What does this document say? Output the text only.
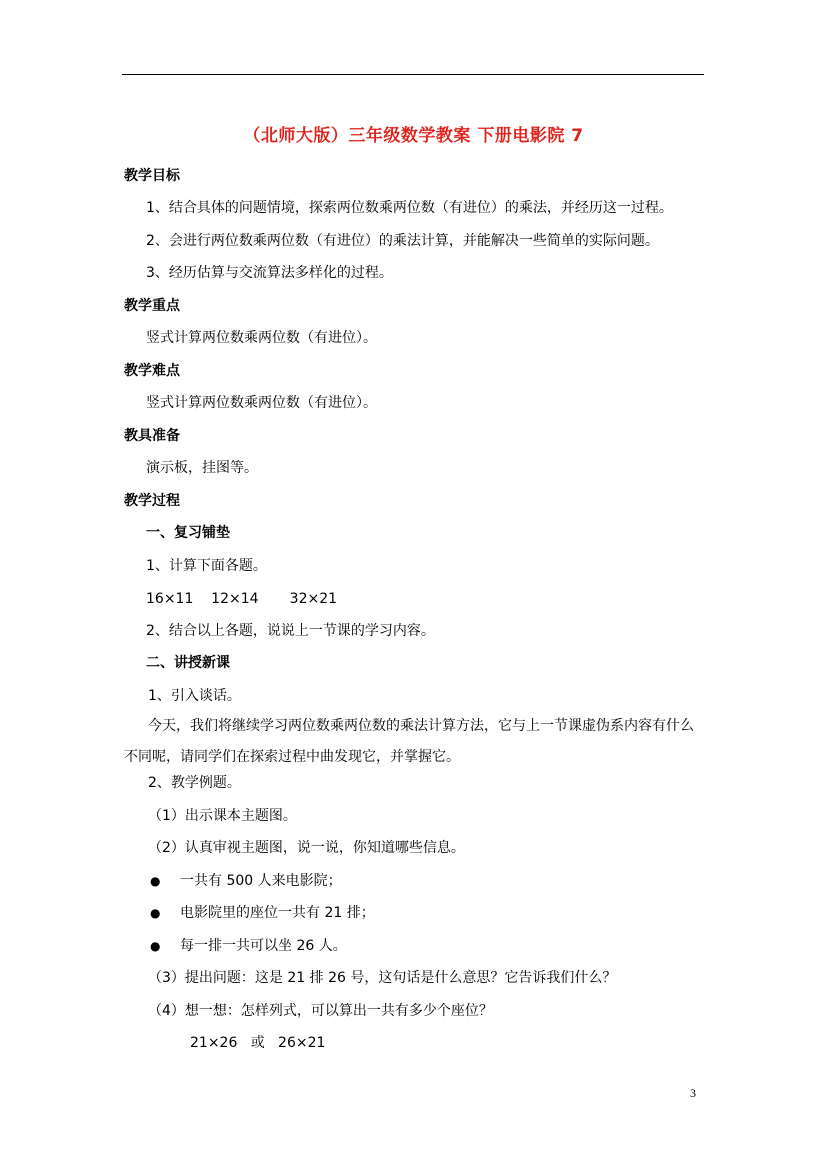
（北师大版）三年级数学教案 下册电影院 7
教学目标
1、结合具体的问题情境，探索两位数乘两位数（有进位）的乘法，并经历这一过程。
2、会进行两位数乘两位数（有进位）的乘法计算，并能解决一些简单的实际问题。
3、经历估算与交流算法多样化的过程。
教学重点
竖式计算两位数乘两位数（有进位）。
教学难点
竖式计算两位数乘两位数（有进位）。
教具准备
演示板，挂图等。
教学过程
一、复习铺垫
1、计算下面各题。
16×11    12×14       32×21
2、结合以上各题，说说上一节课的学习内容。
二、讲授新课
1、引入谈话。
今天，我们将继续学习两位数乘两位数的乘法计算方法，它与上一节课虚伪系内容有什么不同呢，请同学们在探索过程中曲发现它，并掌握它。
2、教学例题。
（1）出示课本主题图。
（2）认真审视主题图，说一说，你知道哪些信息。
● 一共有 500 人来电影院；
● 电影院里的座位一共有 21 排；
● 每一排一共可以坐 26 人。
（3）提出问题：这是 21 排 26 号，这句话是什么意思？它告诉我们什么？
（4）想一想：怎样列式，可以算出一共有多少个座位？
21×26   或   26×21
3
